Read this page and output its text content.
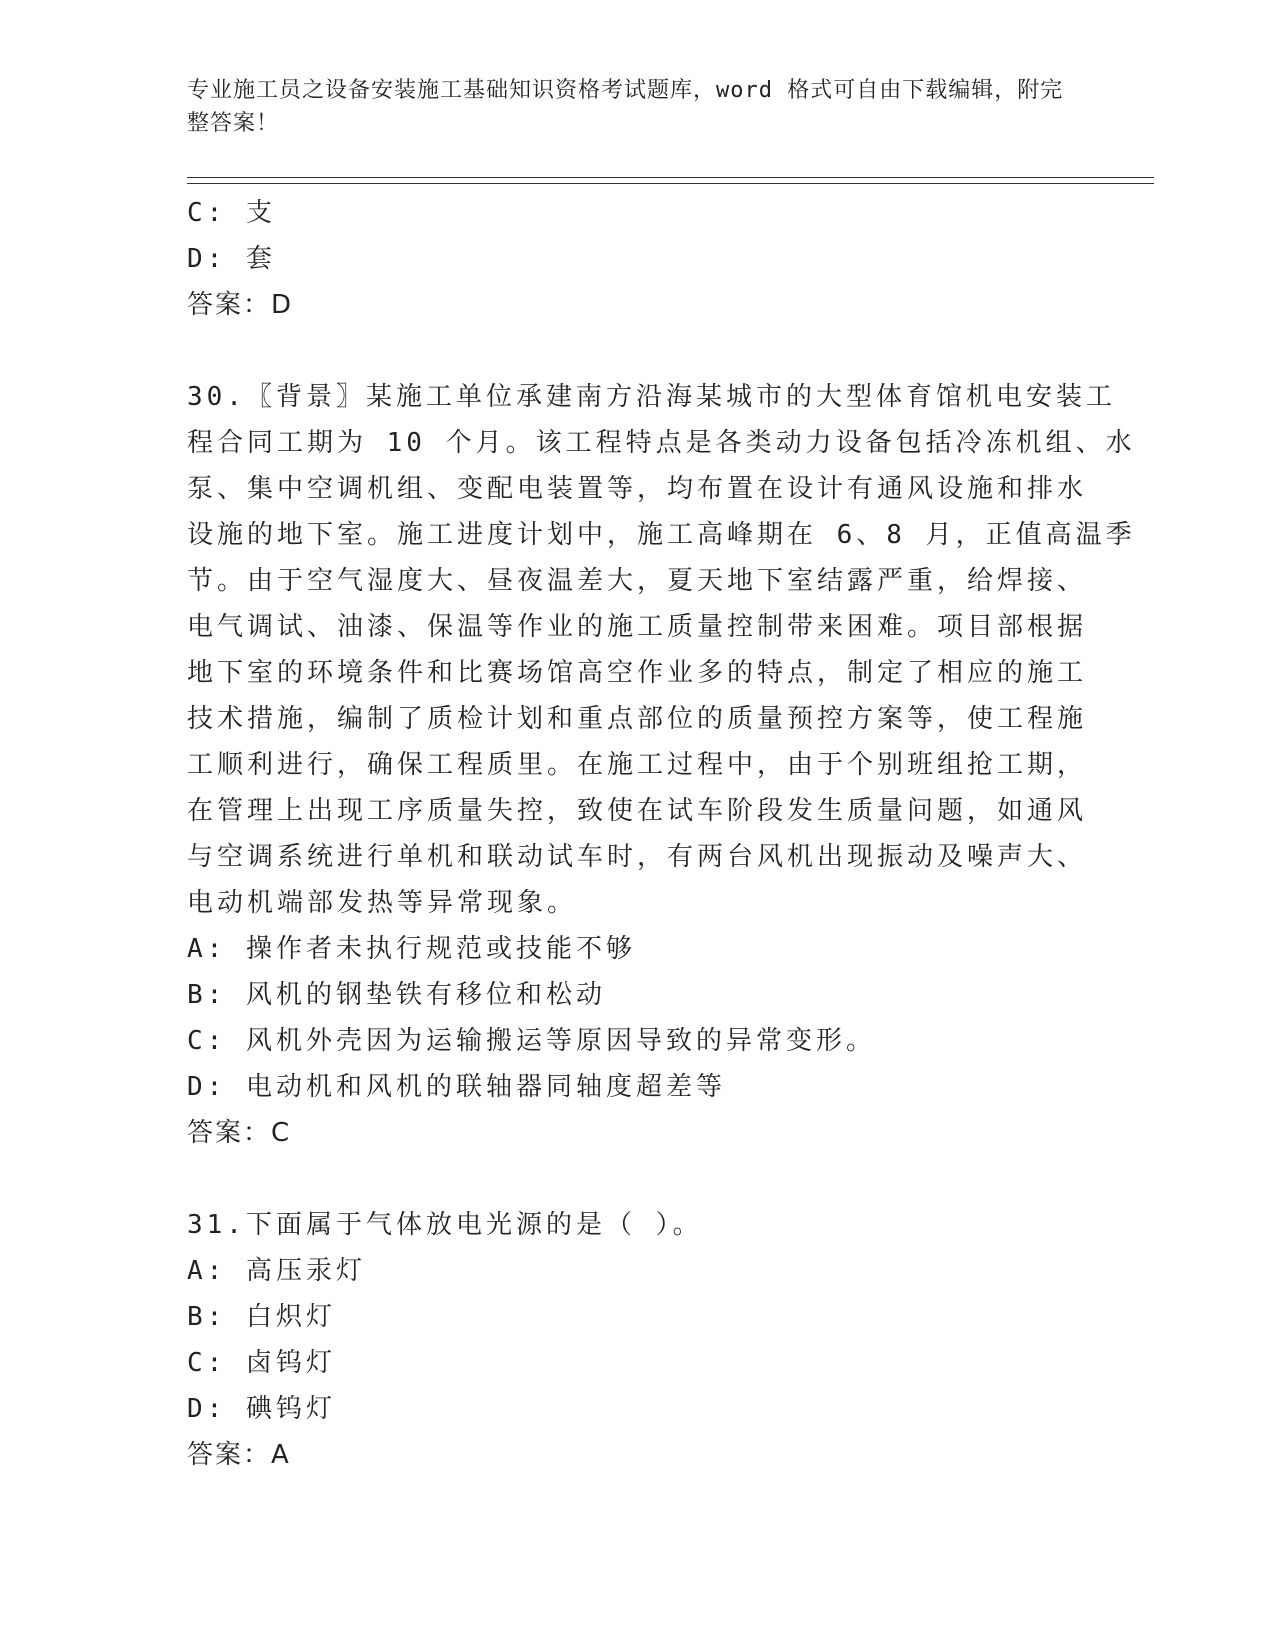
专业施工员之设备安装施工基础知识资格考试题库，word 格式可自由下载编辑，附完整答案！
C: 支
D: 套
答案：D
30.〖背景〗某施工单位承建南方沿海某城市的大型体育馆机电安装工
程合同工期为 10 个月。该工程特点是各类动力设备包括冷冻机组、水
泵、集中空调机组、变配电装置等，均布置在设计有通风设施和排水
设施的地下室。施工进度计划中，施工高峰期在 6、8 月，正值高温季
节。由于空气湿度大、昼夜温差大，夏天地下室结露严重，给焊接、
电气调试、油漆、保温等作业的施工质量控制带来困难。项目部根据
地下室的环境条件和比赛场馆高空作业多的特点，制定了相应的施工
技术措施，编制了质检计划和重点部位的质量预控方案等，使工程施
工顺利进行，确保工程质里。在施工过程中，由于个别班组抢工期，
在管理上出现工序质量失控，致使在试车阶段发生质量问题，如通风
与空调系统进行单机和联动试车时，有两台风机出现振动及噪声大、
电动机端部发热等异常现象。
A: 操作者未执行规范或技能不够
B: 风机的钢垫铁有移位和松动
C: 风机外壳因为运输搬运等原因导致的异常变形。
D: 电动机和风机的联轴器同轴度超差等
答案：C
31.下面属于气体放电光源的是（ ）。
A: 高压汞灯
B: 白炽灯
C: 卤钨灯
D: 碘钨灯
答案：A
